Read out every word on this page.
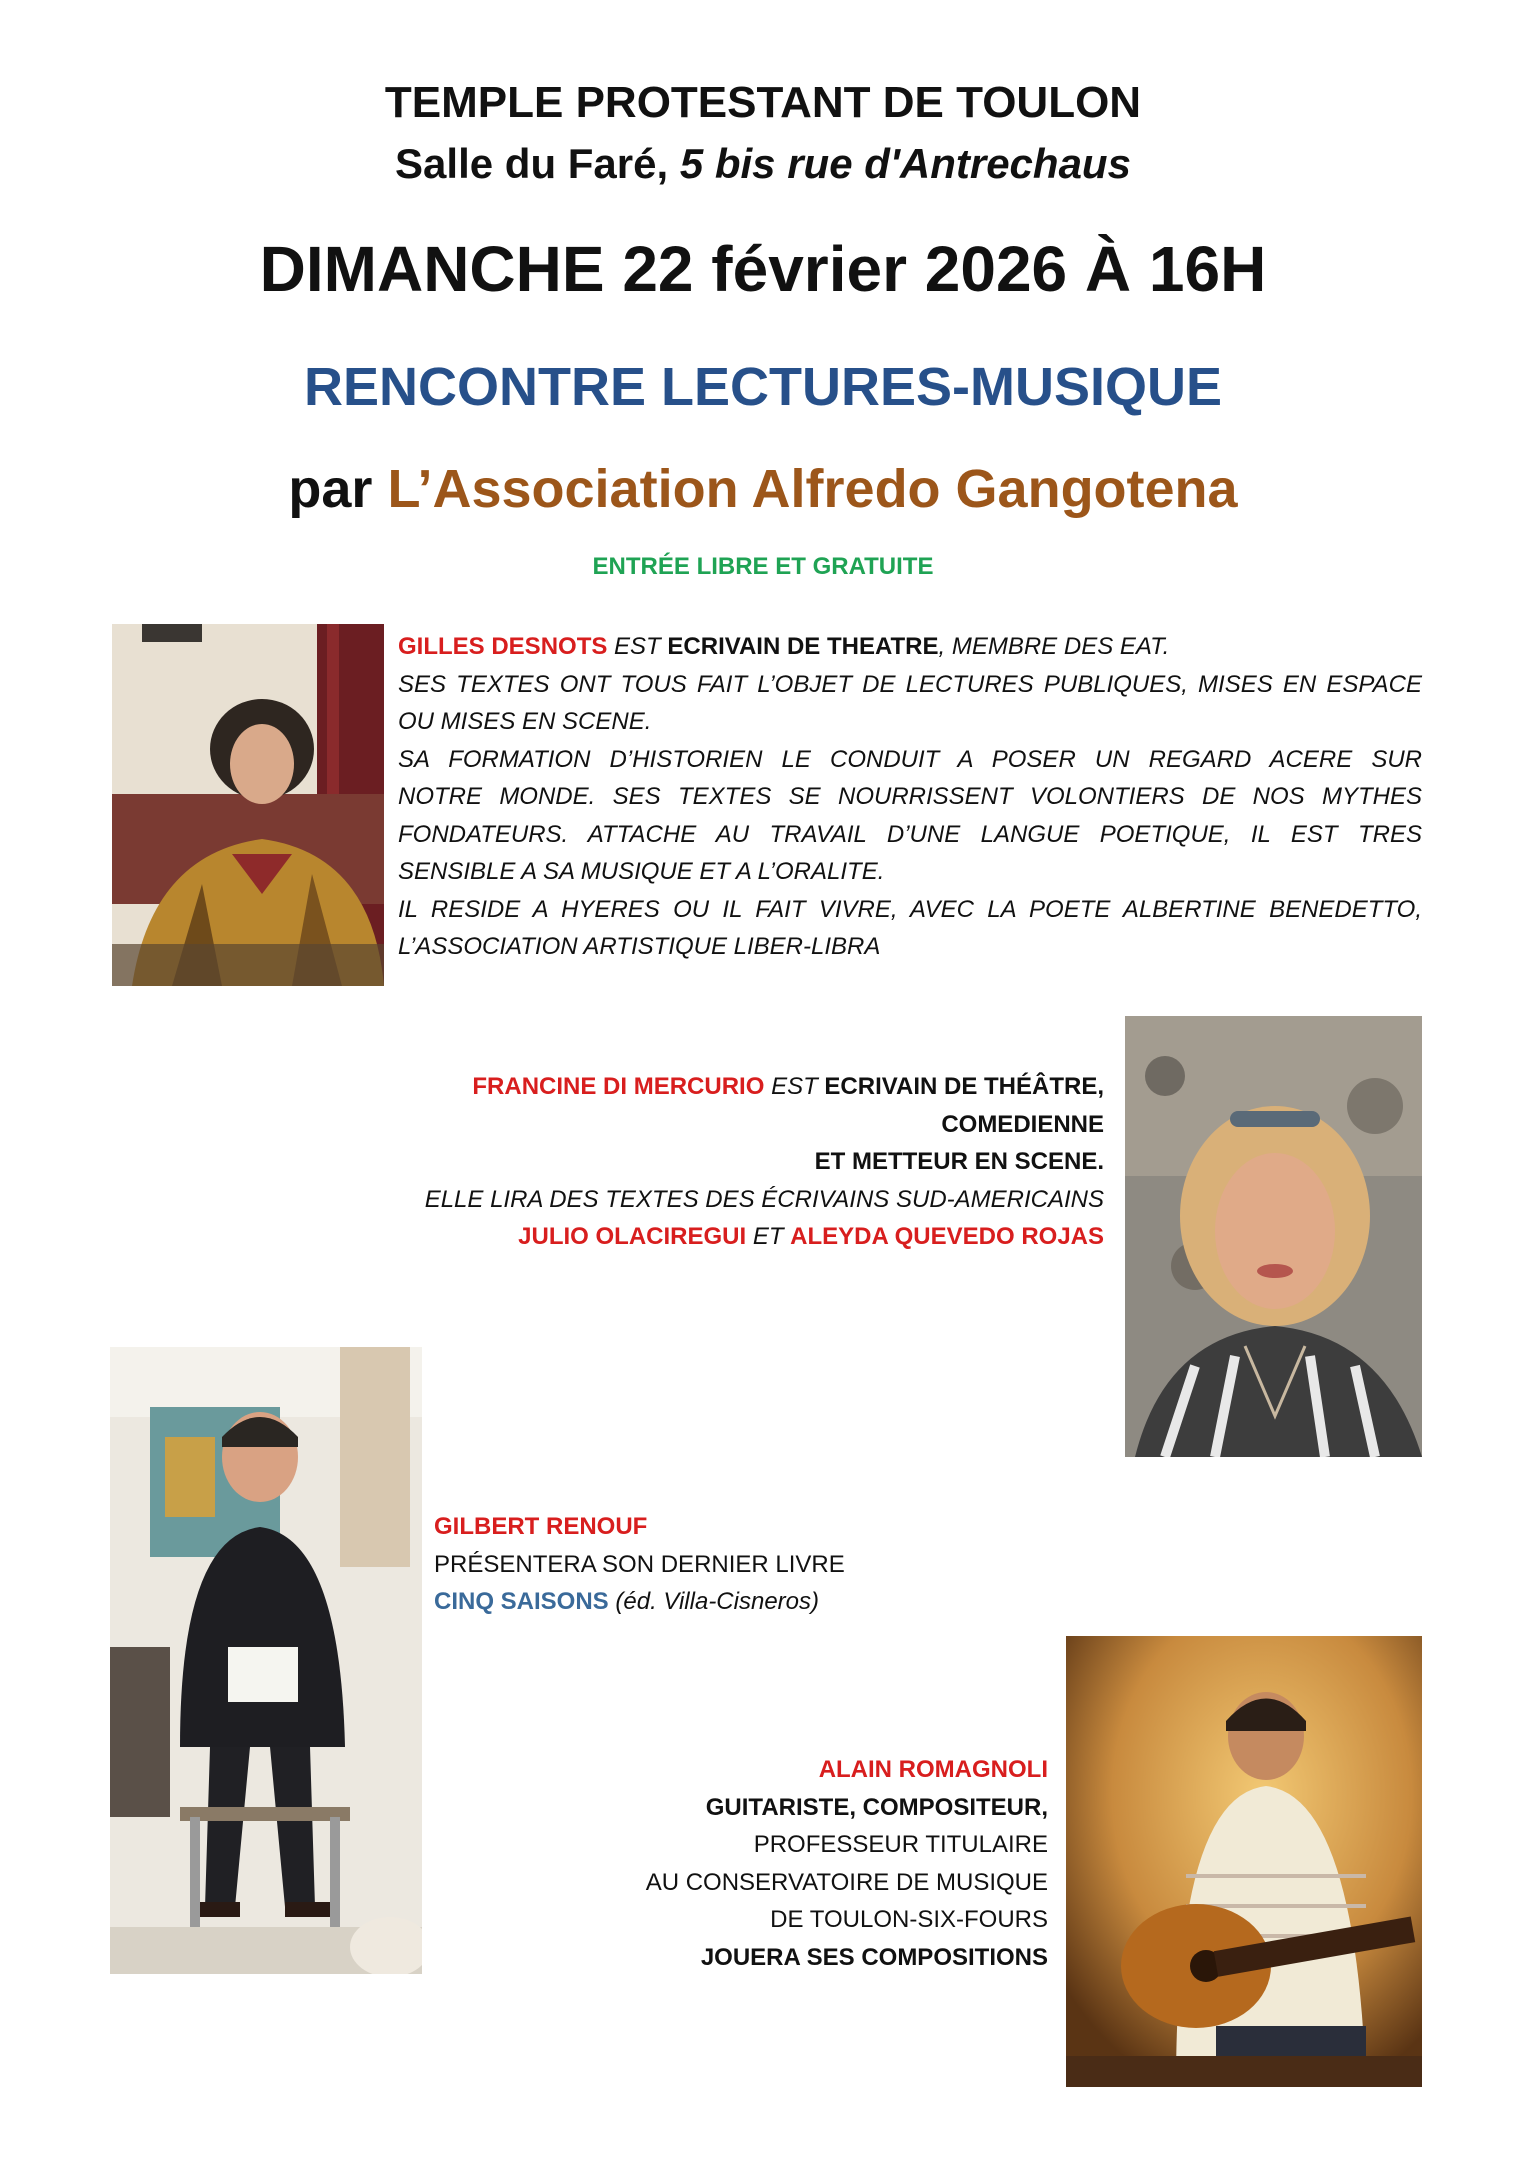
TEMPLE PROTESTANT DE TOULON
Salle du Faré, 5 bis rue d'Antrechaus
DIMANCHE 22 février 2026 À 16H
RENCONTRE LECTURES-MUSIQUE
par L’Association Alfredo Gangotena
ENTRÉE LIBRE ET GRATUITE

GILLES DESNOTS EST ECRIVAIN DE THEATRE, MEMBRE DES EAT.

SES TEXTES ONT TOUS FAIT L’OBJET DE LECTURES PUBLIQUES, MISES EN ESPACE

OU MISES EN SCENE.

SA FORMATION D’HISTORIEN LE CONDUIT A POSER UN REGARD ACERE SUR

NOTRE MONDE. SES TEXTES SE NOURRISSENT VOLONTIERS DE NOS MYTHES

FONDATEURS. ATTACHE AU TRAVAIL D’UNE LANGUE POETIQUE, IL EST TRES

SENSIBLE A SA MUSIQUE ET A L’ORALITE.

IL RESIDE A HYERES OU IL FAIT VIVRE, AVEC LA POETE ALBERTINE BENEDETTO,

L’ASSOCIATION ARTISTIQUE LIBER-LIBRA

FRANCINE DI MERCURIO EST ECRIVAIN DE THÉÂTRE,

COMEDIENNE

ET METTEUR EN SCENE.

ELLE LIRA DES TEXTES DES ÉCRIVAINS SUD-AMERICAINS

JULIO OLACIREGUI ET ALEYDA QUEVEDO ROJAS

GILBERT RENOUF

PRÉSENTERA SON DERNIER LIVRE

CINQ SAISONS (éd. Villa-Cisneros)

ALAIN ROMAGNOLI

GUITARISTE, COMPOSITEUR,

PROFESSEUR TITULAIRE

AU CONSERVATOIRE DE MUSIQUE

DE TOULON-SIX-FOURS

JOUERA SES COMPOSITIONS
